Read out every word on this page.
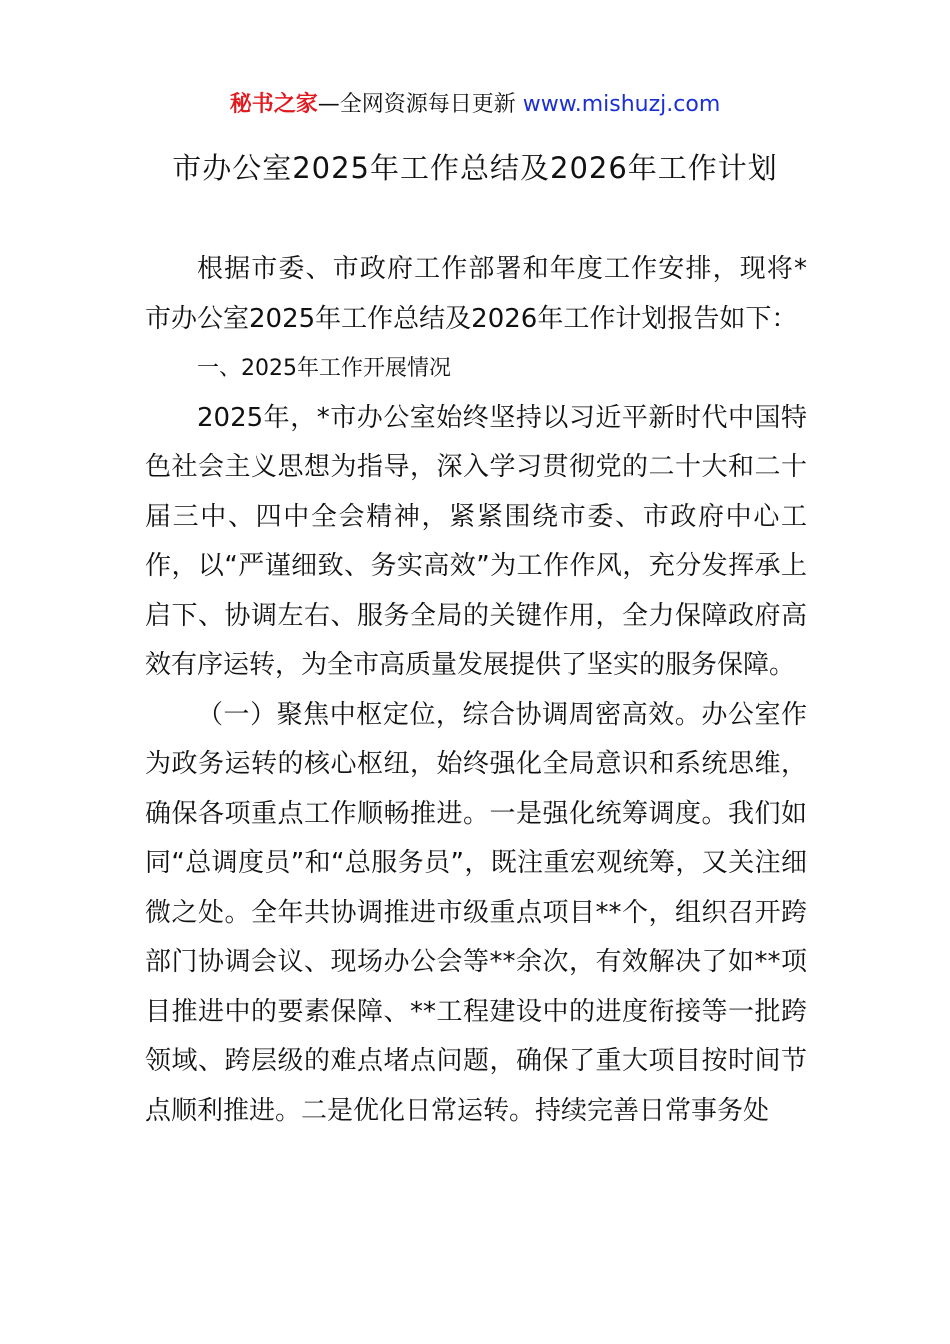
秘书之家—全网资源每日更新 www.mishuzj.com
市办公室2025年工作总结及2026年工作计划

根据市委、市政府工作部署和年度工作安排，现将*市办公室2025年工作总结及2026年工作计划报告如下：

一、2025年工作开展情况

2025年，*市办公室始终坚持以习近平新时代中国特色社会主义思想为指导，深入学习贯彻党的二十大和二十届三中、四中全会精神，紧紧围绕市委、市政府中心工作，以“严谨细致、务实高效”为工作作风，充分发挥承上启下、协调左右、服务全局的关键作用，全力保障政府高效有序运转，为全市高质量发展提供了坚实的服务保障。

（一）聚焦中枢定位，综合协调周密高效。办公室作为政务运转的核心枢纽，始终强化全局意识和系统思维，确保各项重点工作顺畅推进。一是强化统筹调度。我们如同“总调度员”和“总服务员”，既注重宏观统筹，又关注细微之处。全年共协调推进市级重点项目**个，组织召开跨部门协调会议、现场办公会等**余次，有效解决了如**项目推进中的要素保障、**工程建设中的进度衔接等一批跨领域、跨层级的难点堵点问题，确保了重大项目按时间节点顺利推进。二是优化日常运转。持续完善日常事务处
